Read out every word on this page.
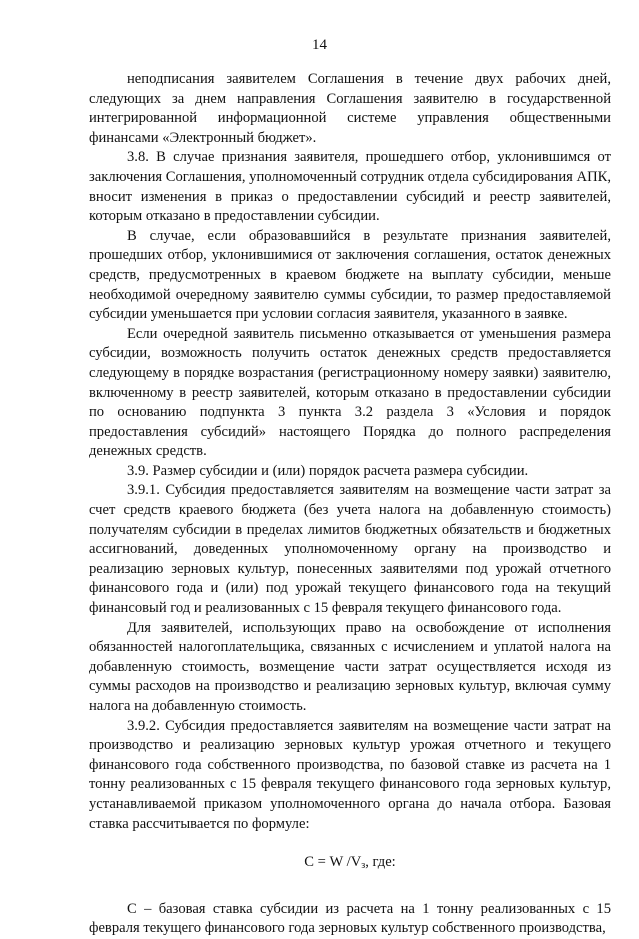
14

неподписания заявителем Соглашения в течение двух рабочих дней, следующих за днем направления Соглашения заявителю в государственной интегрированной информационной системе управления общественными финансами «Электронный бюджет».

3.8. В случае признания заявителя, прошедшего отбор, уклонившимся от заключения Соглашения, уполномоченный сотрудник отдела субсидирования АПК, вносит изменения в приказ о предоставлении субсидий и реестр заявителей, которым отказано в предоставлении субсидии.

В случае, если образовавшийся в результате признания заявителей, прошедших отбор, уклонившимися от заключения соглашения, остаток денежных средств, предусмотренных в краевом бюджете на выплату субсидии, меньше необходимой очередному заявителю суммы субсидии, то размер предоставляемой субсидии уменьшается при условии согласия заявителя, указанного в заявке.

Если очередной заявитель письменно отказывается от уменьшения размера субсидии, возможность получить остаток денежных средств предоставляется следующему в порядке возрастания (регистрационному номеру заявки) заявителю, включенному в реестр заявителей, которым отказано в предоставлении субсидии по основанию подпункта 3 пункта 3.2 раздела 3 «Условия и порядок предоставления субсидий» настоящего Порядка до полного распределения денежных средств.

3.9. Размер субсидии и (или) порядок расчета размера субсидии.

3.9.1. Субсидия предоставляется заявителям на возмещение части затрат за счет средств краевого бюджета (без учета налога на добавленную стоимость) получателям субсидии в пределах лимитов бюджетных обязательств и бюджетных ассигнований, доведенных уполномоченному органу на производство и реализацию зерновых культур, понесенных заявителями под урожай отчетного финансового года и (или) под урожай текущего финансового года на текущий финансовый год и реализованных с 15 февраля текущего финансового года.

Для заявителей, использующих право на освобождение от исполнения обязанностей налогоплательщика, связанных с исчислением и уплатой налога на добавленную стоимость, возмещение части затрат осуществляется исходя из суммы расходов на производство и реализацию зерновых культур, включая сумму налога на добавленную стоимость.

3.9.2. Субсидия предоставляется заявителям на возмещение части затрат на производство и реализацию зерновых культур урожая отчетного и текущего финансового года собственного производства, по базовой ставке из расчета на 1 тонну реализованных с 15 февраля текущего финансового года зерновых культур, устанавливаемой приказом уполномоченного органа до начала отбора. Базовая ставка рассчитывается по формуле:

С = W $/V_з$, где:

С – базовая ставка субсидии из расчета на 1 тонну реализованных с 15 февраля текущего финансового года зерновых культур собственного производства,
